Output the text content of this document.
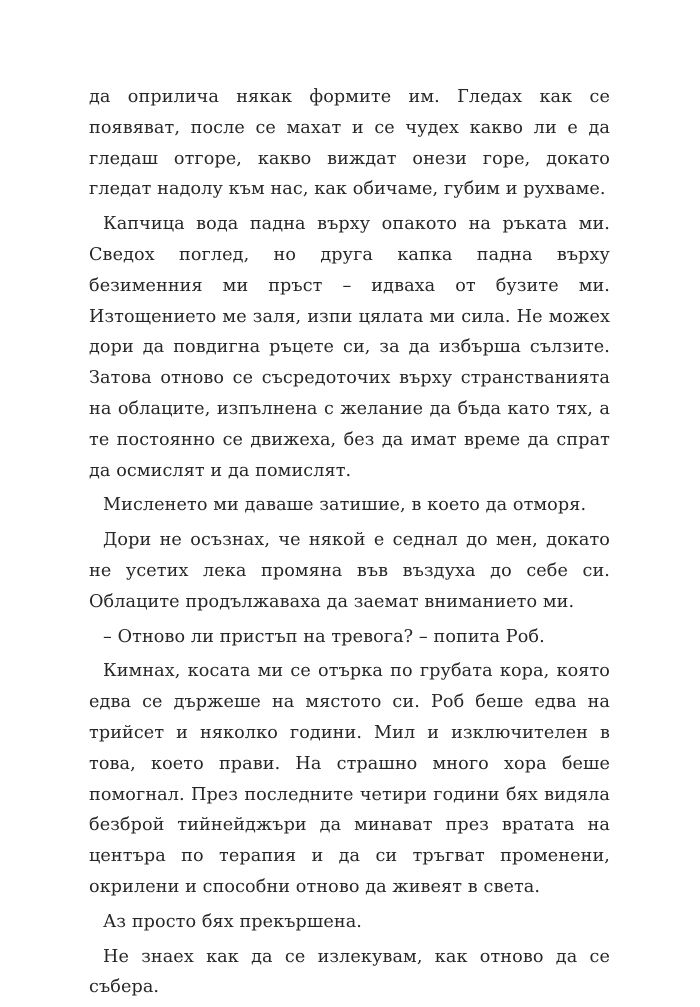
да оприлича някак формите им. Гледах как се появяват, после се махат и се чудех какво ли е да гледаш отгоре, какво виждат онези горе, докато гледат надолу към нас, как обичаме, губим и рухваме.

Капчица вода падна върху опакото на ръката ми. Сведох поглед, но друга капка падна върху безименния ми пръст – идваха от бузите ми. Изтощението ме заля, изпи цялата ми сила. Не можех дори да повдигна ръцете си, за да избърша сълзите. Затова отново се съсредоточих върху странстванията на облаците, изпълнена с желание да бъда като тях, а те постоянно се движеха, без да имат време да спрат да осмислят и да помислят.

Мисленето ми даваше затишие, в което да отморя.

Дори не осъзнах, че някой е седнал до мен, докато не усетих лека промяна във въздуха до себе си. Облаците продължаваха да заемат вниманието ми.

– Отново ли пристъп на тревога? – попита Роб.

Кимнах, косата ми се отърка по грубата кора, която едва се държеше на мястото си. Роб беше едва на трийсет и няколко години. Мил и изключителен в това, което прави. На страшно много хора беше помогнал. През последните четири години бях видяла безброй тийнейджъри да минават през вратата на центъра по терапия и да си тръгват променени, окрилени и способни отново да живеят в света.

Аз просто бях прекършена.

Не знаех как да се излекувам, как отново да се събера.
